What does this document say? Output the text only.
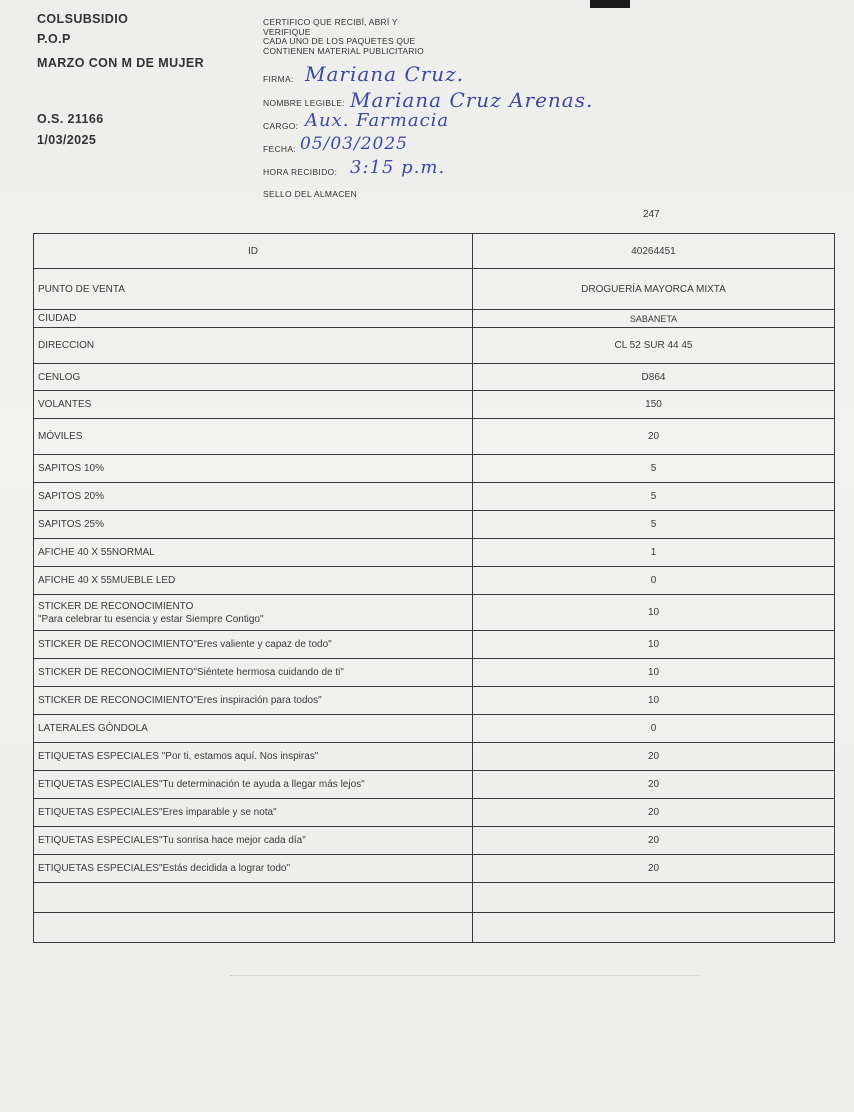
COLSUBSIDIO
P.O.P
MARZO CON M DE MUJER
O.S. 21166
1/03/2025
CERTIFICO QUE RECIBÍ, ABRÍ Y
VERIFIQUE
CADA UNO DE LOS PAQUETES QUE
CONTIENEN MATERIAL PUBLICITARIO
FIRMA: Mariana Cruz.
NOMBRE LEGIBLE: Mariana Cruz Arenas.
CARGO: Aux. Farmacia
FECHA: 05/03/2025
HORA RECIBIDO: 3:15 p.m.
SELLO DEL ALMACEN
247
ID	40264451
PUNTO DE VENTA	DROGUERÍA MAYORCA MIXTA
CIUDAD	SABANETA
DIRECCION	CL 52 SUR 44 45
CENLOG	D864
VOLANTES	150
MÓVILES	20
SAPITOS 10%	5
SAPITOS 20%	5
SAPITOS 25%	5
AFICHE 40 X 55NORMAL	1
AFICHE 40 X 55MUEBLE LED	0

STICKER DE RECONOCIMIENTO
"Para celebrar tu esencia y estar Siempre Contigo"	10
STICKER DE RECONOCIMIENTO"Eres valiente y capaz de todo"	10
STICKER DE RECONOCIMIENTO"Siéntete hermosa cuidando de ti"	10
STICKER DE RECONOCIMIENTO"Eres inspiración para todos"	10
LATERALES GÓNDOLA	0
ETIQUETAS ESPECIALES "Por ti, estamos aquí. Nos inspiras"	20
ETIQUETAS ESPECIALES"Tu determinación te ayuda a llegar más lejos"	20
ETIQUETAS ESPECIALES"Eres imparable y se nota"	20
ETIQUETAS ESPECIALES"Tu sonrisa hace mejor cada día"	20
ETIQUETAS ESPECIALES"Estás decidida a lograr todo"	20
